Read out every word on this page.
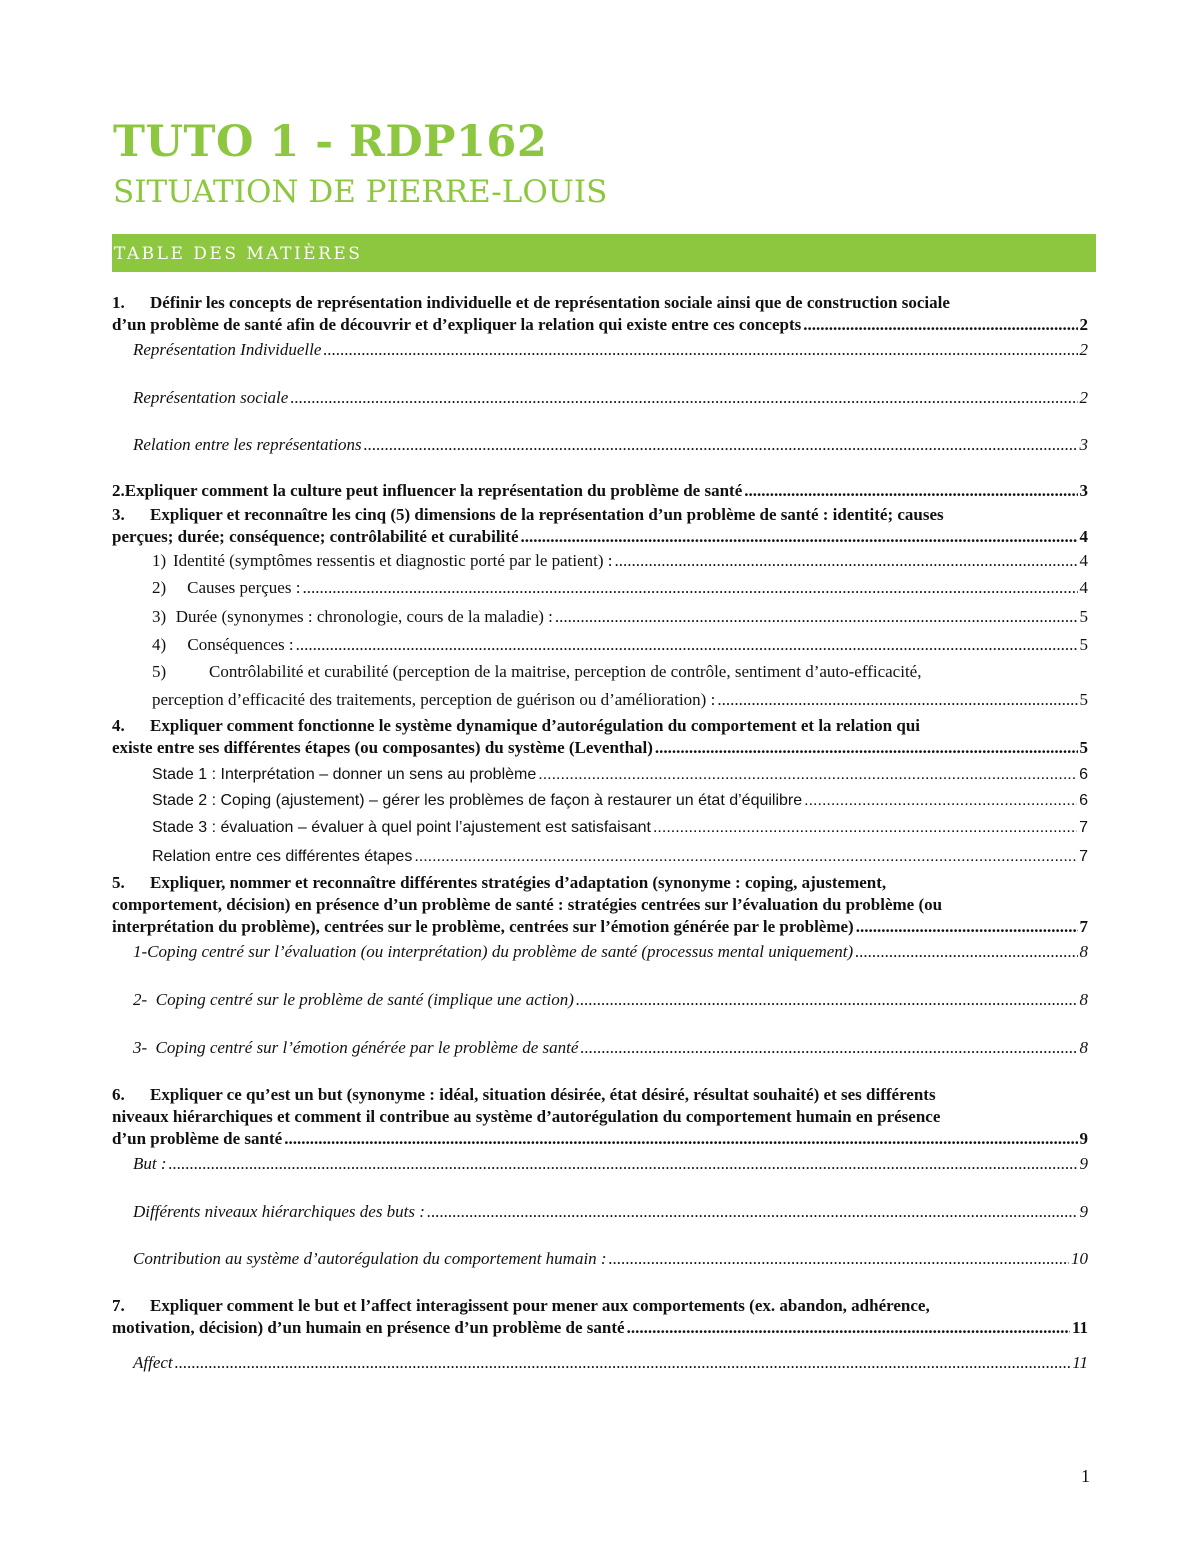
TUTO 1 - RDP162
SITUATION DE PIERRE-LOUIS
TABLE DES MATIÈRES
1.	Définir les concepts de représentation individuelle et de représentation sociale ainsi que de construction sociale
d’un problème de santé afin de découvrir et d’expliquer la relation qui existe entre ces concepts .....	2
Représentation Individuelle .....	2
Représentation sociale .....	2
Relation entre les représentations .....	3
2. Expliquer comment la culture peut influencer la représentation du problème de santé .....	3
3.	Expliquer et reconnaître les cinq (5) dimensions de la représentation d’un problème de santé : identité; causes
perçues; durée; conséquence; contrôlabilité et curabilité .....	4
1) Identité (symptômes ressentis et diagnostic porté par le patient) : .....	4
2)	Causes perçues : .....	4
3) Durée (synonymes : chronologie, cours de la maladie) : .....	5
4)	Conséquences : .....	5
5)	Contrôlabilité et curabilité (perception de la maitrise, perception de contrôle, sentiment d’auto-efficacité,
perception d’efficacité des traitements, perception de guérison ou d’amélioration) : .....	5
4.	Expliquer comment fonctionne le système dynamique d’autorégulation du comportement et la relation qui
existe entre ses différentes étapes (ou composantes) du système (Leventhal) .....	5
Stade 1 : Interprétation – donner un sens au problème .....	6
Stade 2 : Coping (ajustement) – gérer les problèmes de façon à restaurer un état d’équilibre .....	6
Stade 3 : évaluation – évaluer à quel point l’ajustement est satisfaisant .....	7
Relation entre ces différentes étapes .....	7
5.	Expliquer, nommer et reconnaître différentes stratégies d’adaptation (synonyme : coping, ajustement,
comportement, décision) en présence d’un problème de santé : stratégies centrées sur l’évaluation du problème (ou
interprétation du problème), centrées sur le problème, centrées sur l’émotion générée par le problème) .....	7
1- Coping centré sur l’évaluation (ou interprétation) du problème de santé (processus mental uniquement) .....	8
2- Coping centré sur le problème de santé (implique une action) .....	8
3- Coping centré sur l’émotion générée par le problème de santé .....	8
6.	Expliquer ce qu’est un but (synonyme : idéal, situation désirée, état désiré, résultat souhaité) et ses différents
niveaux hiérarchiques et comment il contribue au système d’autorégulation du comportement humain en présence
d’un problème de santé .....	9
But : .....	9
Différents niveaux hiérarchiques des buts : .....	9
Contribution au système d’autorégulation du comportement humain : .....	10
7.	Expliquer comment le but et l’affect interagissent pour mener aux comportements (ex. abandon, adhérence,
motivation, décision) d’un humain en présence d’un problème de santé .....	11
Affect .....	11
1
